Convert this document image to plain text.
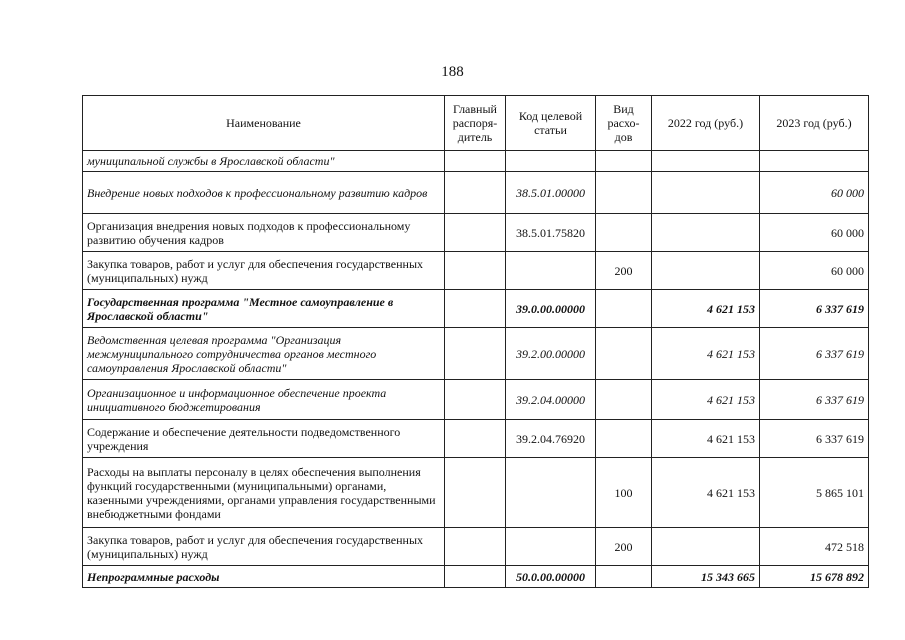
188
Наименование	Главный распоря-дитель	Код целевой статьи	Вид расхо-дов	2022 год (руб.)	2023 год (руб.)
муниципальной службы в Ярославской области"					
Внедрение новых подходов к профессиональному развитию кадров		38.5.01.00000			60 000
Организация внедрения новых подходов к профессиональному развитию обучения кадров		38.5.01.75820			60 000
Закупка товаров, работ и услуг для обеспечения государственных (муниципальных) нужд			200		60 000
Государственная программа "Местное самоуправление в Ярославской области"		39.0.00.00000		4 621 153	6 337 619
Ведомственная целевая программа "Организация межмуниципального сотрудничества органов местного самоуправления Ярославской области"		39.2.00.00000		4 621 153	6 337 619
Организационное и информационное обеспечение проекта инициативного бюджетирования		39.2.04.00000		4 621 153	6 337 619
Содержание и обеспечение деятельности подведомственного учреждения		39.2.04.76920		4 621 153	6 337 619
Расходы на выплаты персоналу в целях обеспечения выполнения функций государственными (муниципальными) органами, казенными учреждениями, органами управления государственными внебюджетными фондами			100	4 621 153	5 865 101
Закупка товаров, работ и услуг для обеспечения государственных (муниципальных) нужд			200		472 518
Непрограммные расходы		50.0.00.00000		15 343 665	15 678 892
